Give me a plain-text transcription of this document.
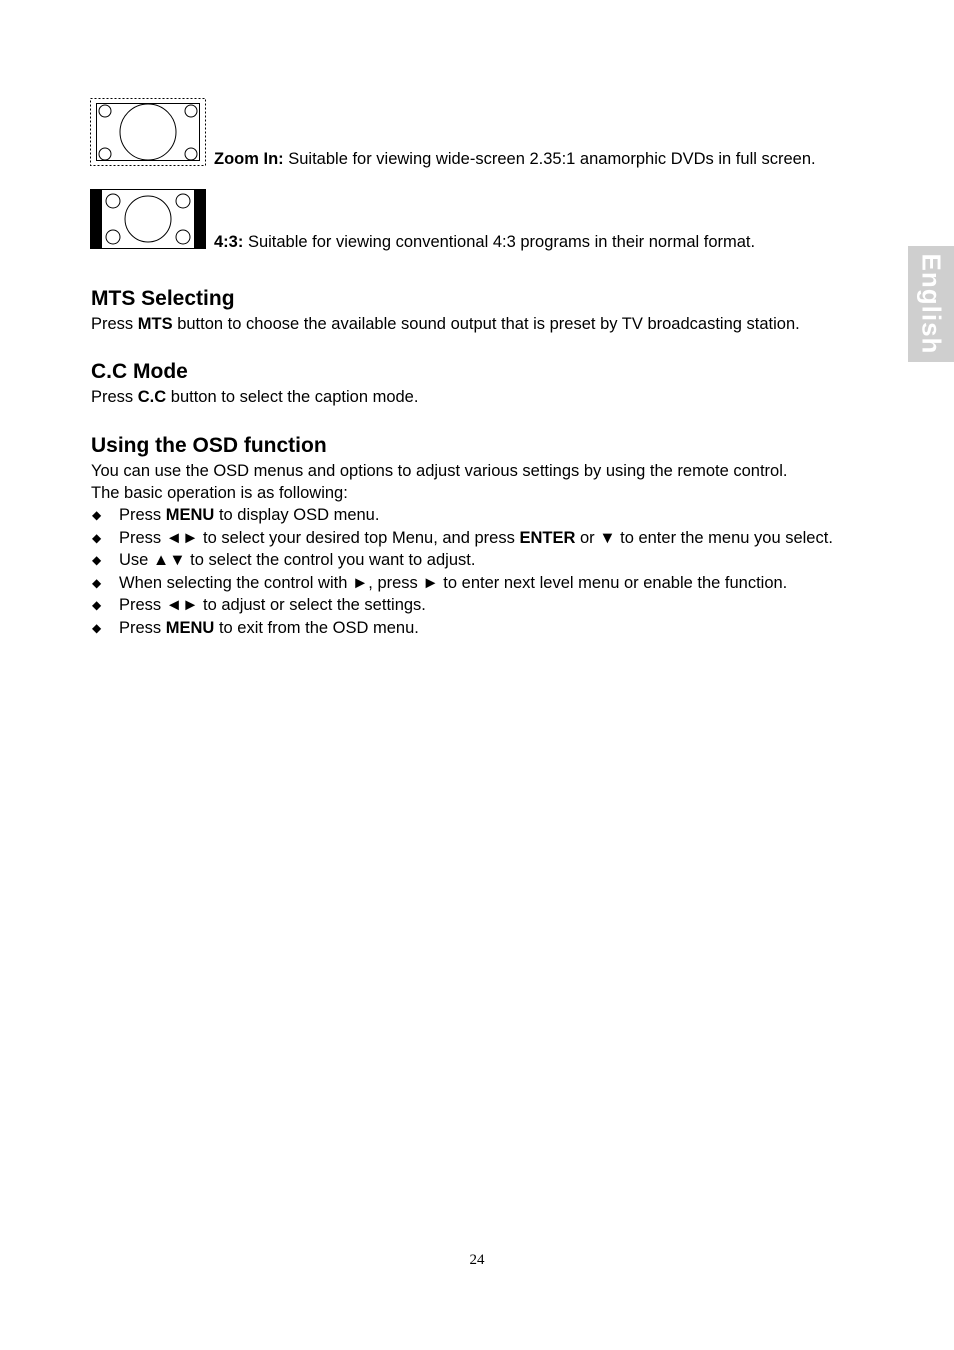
Zoom In: Suitable for viewing wide-screen 2.35:1 anamorphic DVDs in full screen.
4:3: Suitable for viewing conventional 4:3 programs in their normal format.
MTS Selecting
Press MTS button to choose the available sound output that is preset by TV broadcasting station.
C.C Mode
Press C.C button to select the caption mode.
Using the OSD function
You can use the OSD menus and options to adjust various settings by using the remote control.
The basic operation is as following:
◆ Press MENU to display OSD menu.
◆ Press ◄► to select your desired top Menu, and press ENTER or ▼ to enter the menu you select.
◆ Use ▲▼ to select the control you want to adjust.
◆ When selecting the control with ►, press ► to enter next level menu or enable the function.
◆ Press ◄► to adjust or select the settings.
◆ Press MENU to exit from the OSD menu.
English
24
